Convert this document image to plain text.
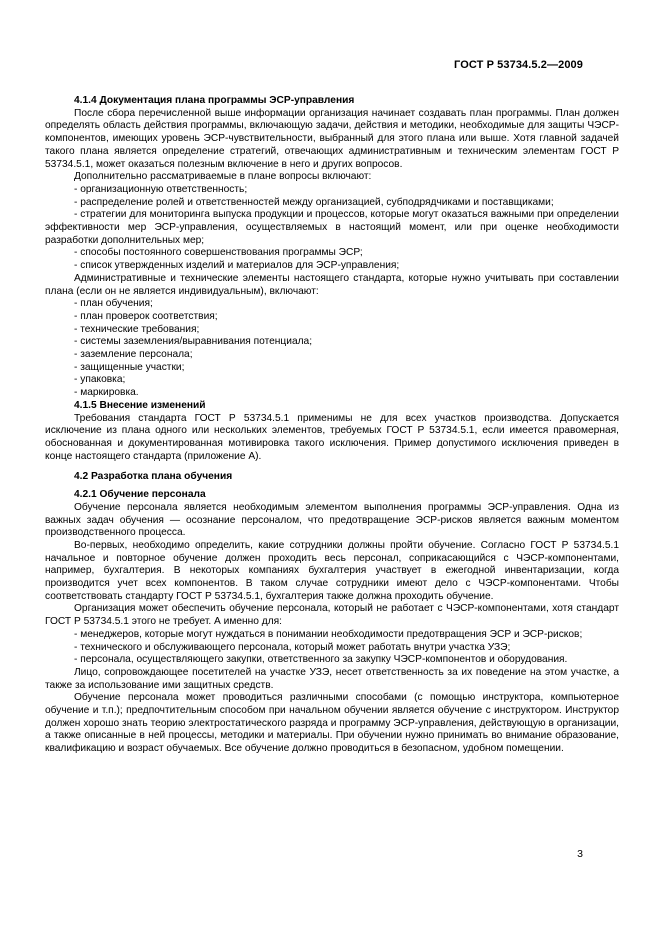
ГОСТ Р 53734.5.2—2009
4.1.4 Документация плана программы ЭСР-управления

После сбора перечисленной выше информации организация начинает создавать план программы. План должен определять область действия программы, включающую задачи, действия и методики, необходимые для защиты ЧЭСР-компонентов, имеющих уровень ЭСР-чувствительности, выбранный для этого плана или выше. Хотя главной задачей такого плана является определение стратегий, отвечающих административным и техническим элементам ГОСТ Р 53734.5.1, может оказаться полезным включение в него и других вопросов.

Дополнительно рассматриваемые в плане вопросы включают:

- организационную ответственность;

- распределение ролей и ответственностей между организацией, субподрядчиками и поставщиками;

- стратегии для мониторинга выпуска продукции и процессов, которые могут оказаться важными при определении эффективности мер ЭСР-управления, осуществляемых в настоящий момент, или при оценке необходимости разработки дополнительных мер;

- способы постоянного совершенствования программы ЭСР;

- список утвержденных изделий и материалов для ЭСР-управления;

Административные и технические элементы настоящего стандарта, которые нужно учитывать при составлении плана (если он не является индивидуальным), включают:

- план обучения;

- план проверок соответствия;

- технические требования;

- системы заземления/выравнивания потенциала;

- заземление персонала;

- защищенные участки;

- упаковка;

- маркировка.

4.1.5 Внесение изменений

Требования стандарта ГОСТ Р 53734.5.1 применимы не для всех участков производства. Допускается исключение из плана одного или нескольких элементов, требуемых ГОСТ Р 53734.5.1, если имеется правомерная, обоснованная и документированная мотивировка такого исключения. Пример допустимого исключения приведен в конце настоящего стандарта (приложение А).

4.2 Разработка плана обучения
4.2.1 Обучение персонала

Обучение персонала является необходимым элементом выполнения программы ЭСР-управления. Одна из важных задач обучения — осознание персоналом, что предотвращение ЭСР-рисков является важным моментом производственного процесса.

Во-первых, необходимо определить, какие сотрудники должны пройти обучение. Согласно ГОСТ Р 53734.5.1 начальное и повторное обучение должен проходить весь персонал, соприкасающийся с ЧЭСР-компонентами, например, бухгалтерия. В некоторых компаниях бухгалтерия участвует в ежегодной инвентаризации, когда производится учет всех компонентов. В таком случае сотрудники имеют дело с ЧЭСР-компонентами. Чтобы соответствовать стандарту ГОСТ Р 53734.5.1, бухгалтерия также должна проходить обучение.

Организация может обеспечить обучение персонала, который не работает с ЧЭСР-компонентами, хотя стандарт ГОСТ Р 53734.5.1 этого не требует. А именно для:

- менеджеров, которые могут нуждаться в понимании необходимости предотвращения ЭСР и ЭСР-рисков;

- технического и обслуживающего персонала, который может работать внутри участка УЗЭ;

- персонала, осуществляющего закупки, ответственного за закупку ЧЭСР-компонентов и оборудования.

Лицо, сопровождающее посетителей на участке УЗЭ, несет ответственность за их поведение на этом участке, а также за использование ими защитных средств.

Обучение персонала может проводиться различными способами (с помощью инструктора, компьютерное обучение и т.п.); предпочтительным способом при начальном обучении является обучение с инструктором. Инструктор должен хорошо знать теорию электростатического разряда и программу ЭСР-управления, действующую в организации, а также описанные в ней процессы, методики и материалы. При обучении нужно принимать во внимание образование, квалификацию и возраст обучаемых. Все обучение должно проводиться в безопасном, удобном помещении.

3
